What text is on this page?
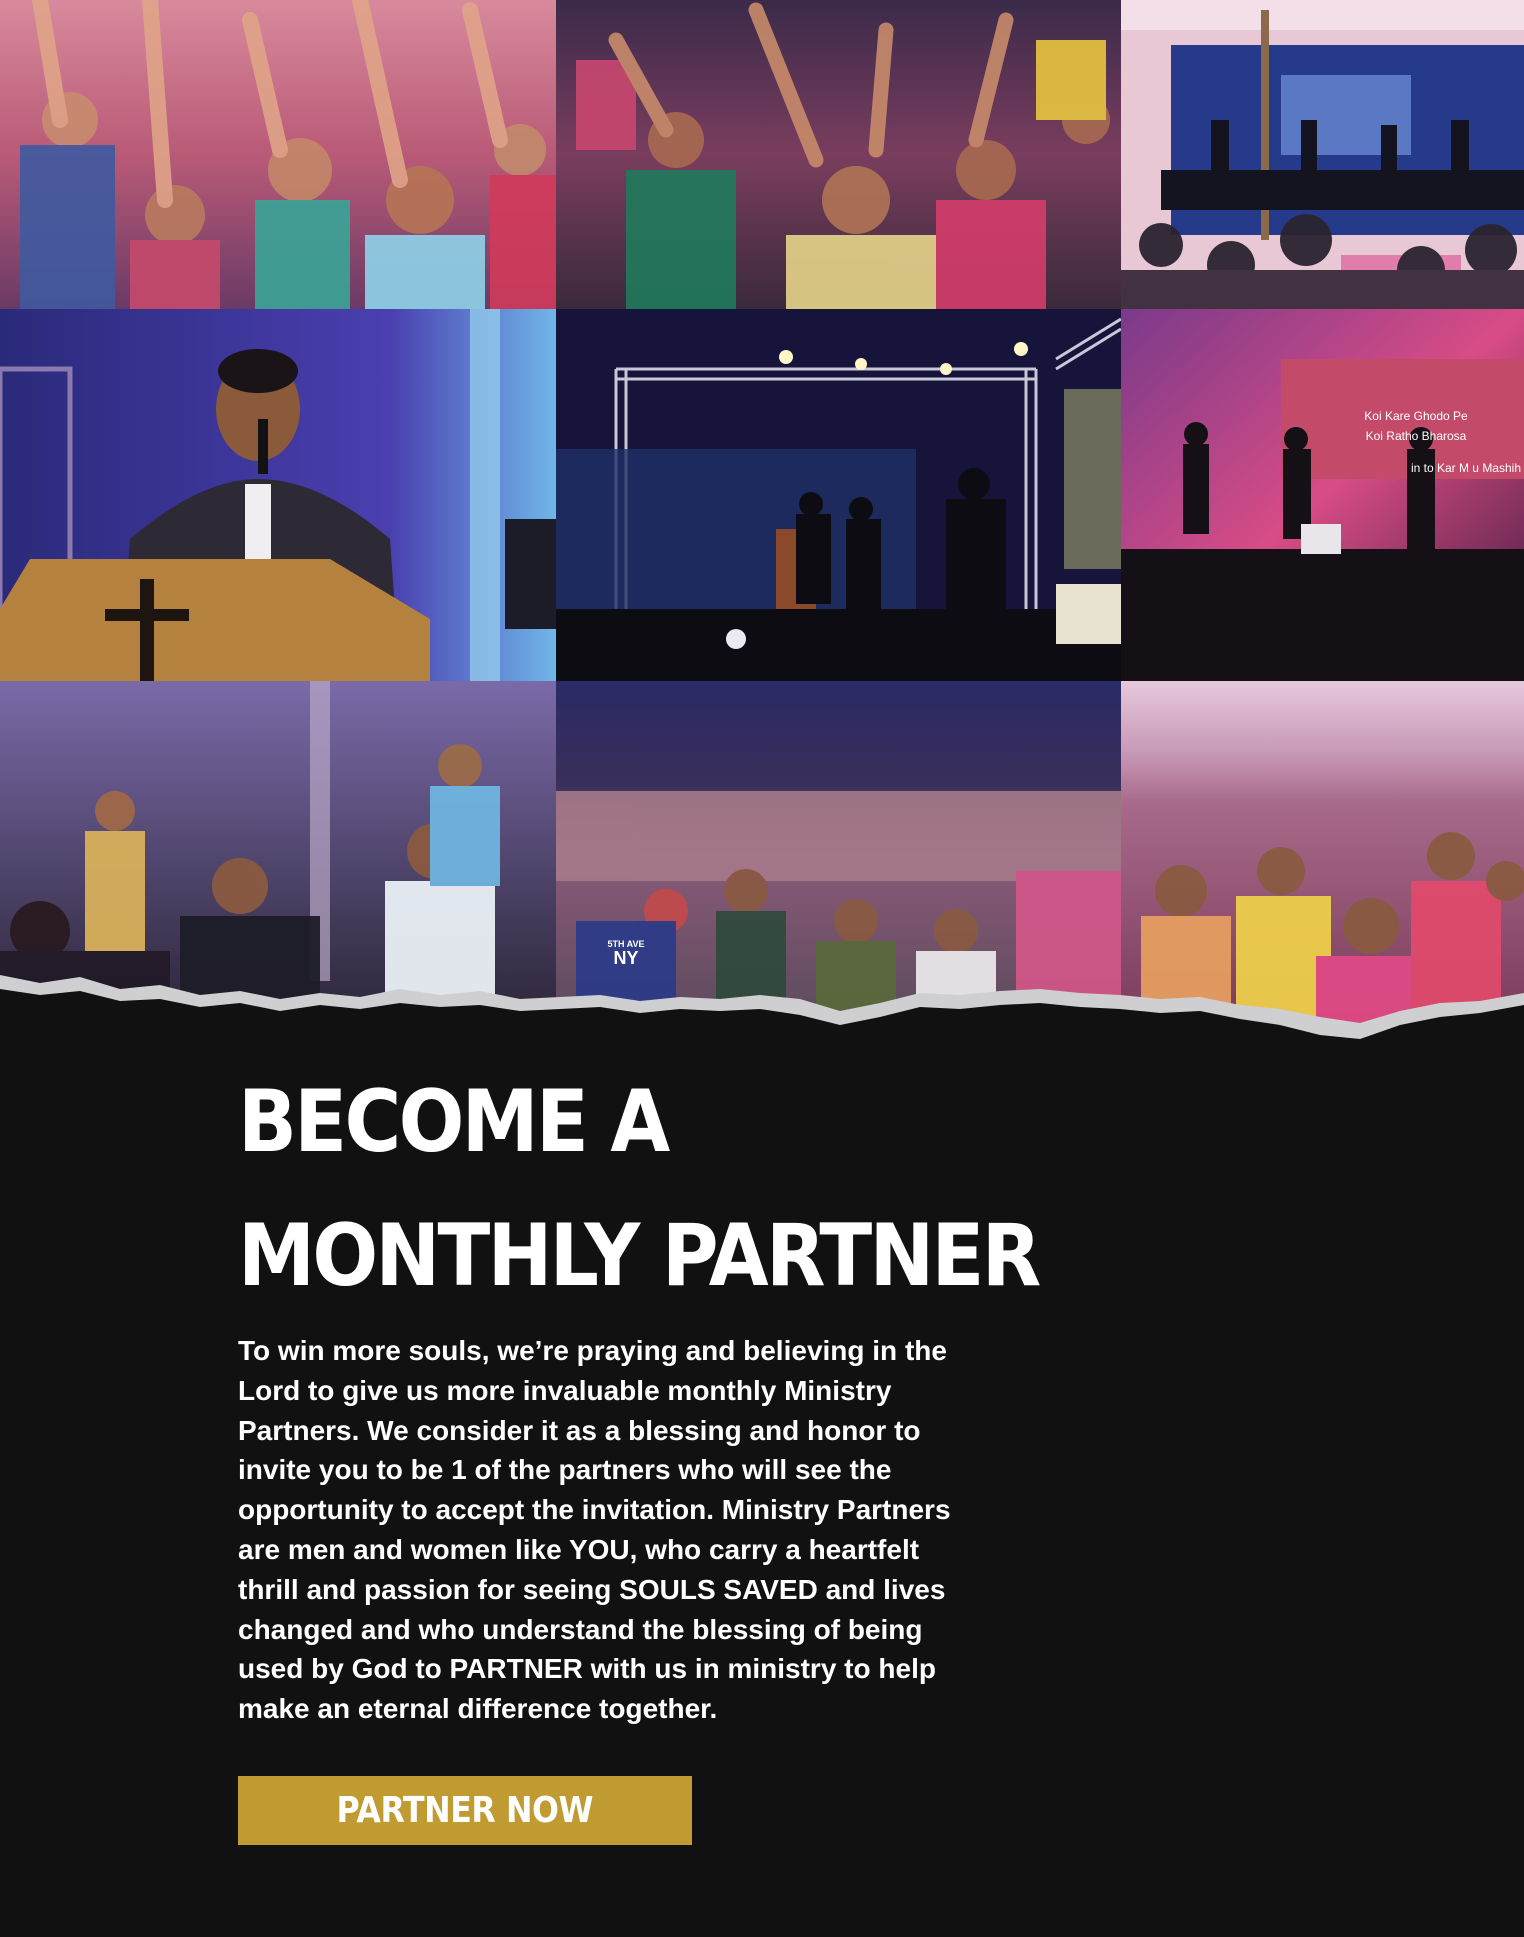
Koi Kare Ghodo Pe
Koi Ratho Bharosa
in to Kar M u Mashih
5TH AVE
NY
BECOME A
MONTHLY PARTNER

To win more souls, we’re praying and believing in the Lord to give us more invaluable monthly Ministry Partners. We consider it as a blessing and honor to invite you to be 1 of the partners who will see the opportunity to accept the invitation. Ministry Partners are men and women like YOU, who carry a heartfelt thrill and passion for seeing SOULS SAVED and lives changed and who understand the blessing of being used by God to PARTNER with us in ministry to help make an eternal difference together.

PARTNER NOW
